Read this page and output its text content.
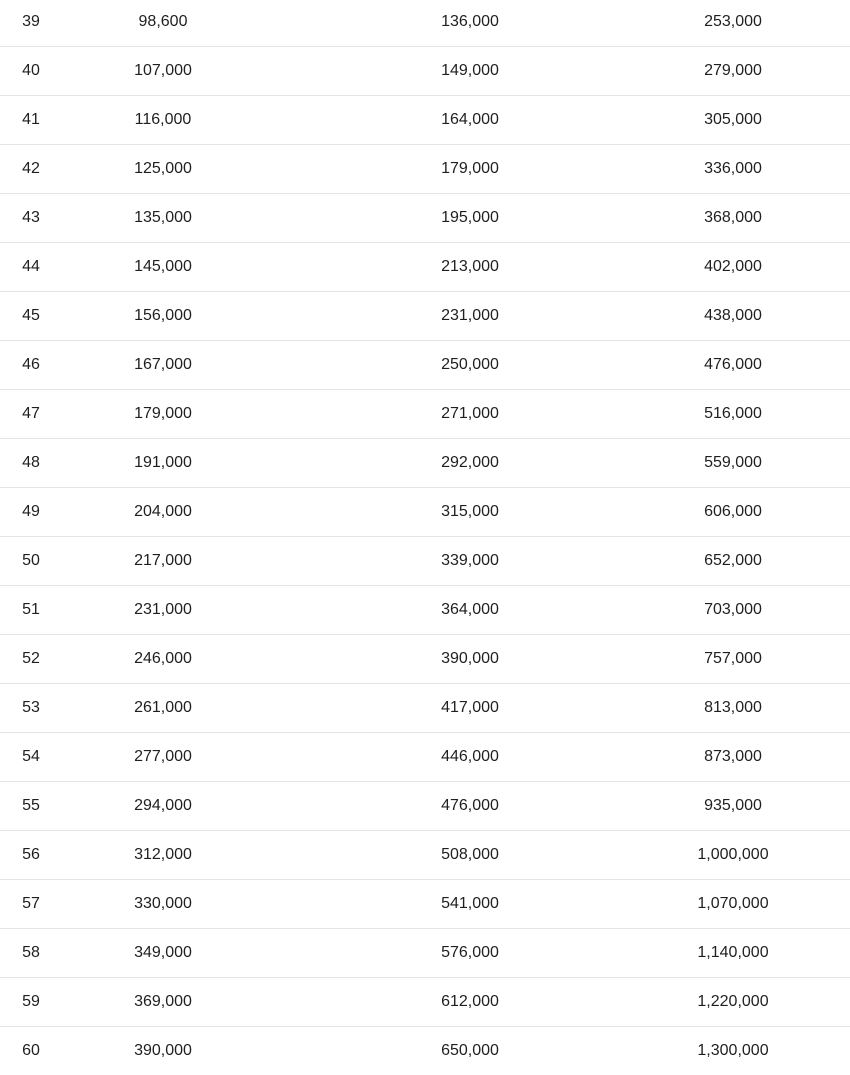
39	98,600	136,000	253,000
40	107,000	149,000	279,000
41	116,000	164,000	305,000
42	125,000	179,000	336,000
43	135,000	195,000	368,000
44	145,000	213,000	402,000
45	156,000	231,000	438,000
46	167,000	250,000	476,000
47	179,000	271,000	516,000
48	191,000	292,000	559,000
49	204,000	315,000	606,000
50	217,000	339,000	652,000
51	231,000	364,000	703,000
52	246,000	390,000	757,000
53	261,000	417,000	813,000
54	277,000	446,000	873,000
55	294,000	476,000	935,000
56	312,000	508,000	1,000,000
57	330,000	541,000	1,070,000
58	349,000	576,000	1,140,000
59	369,000	612,000	1,220,000
60	390,000	650,000	1,300,000
